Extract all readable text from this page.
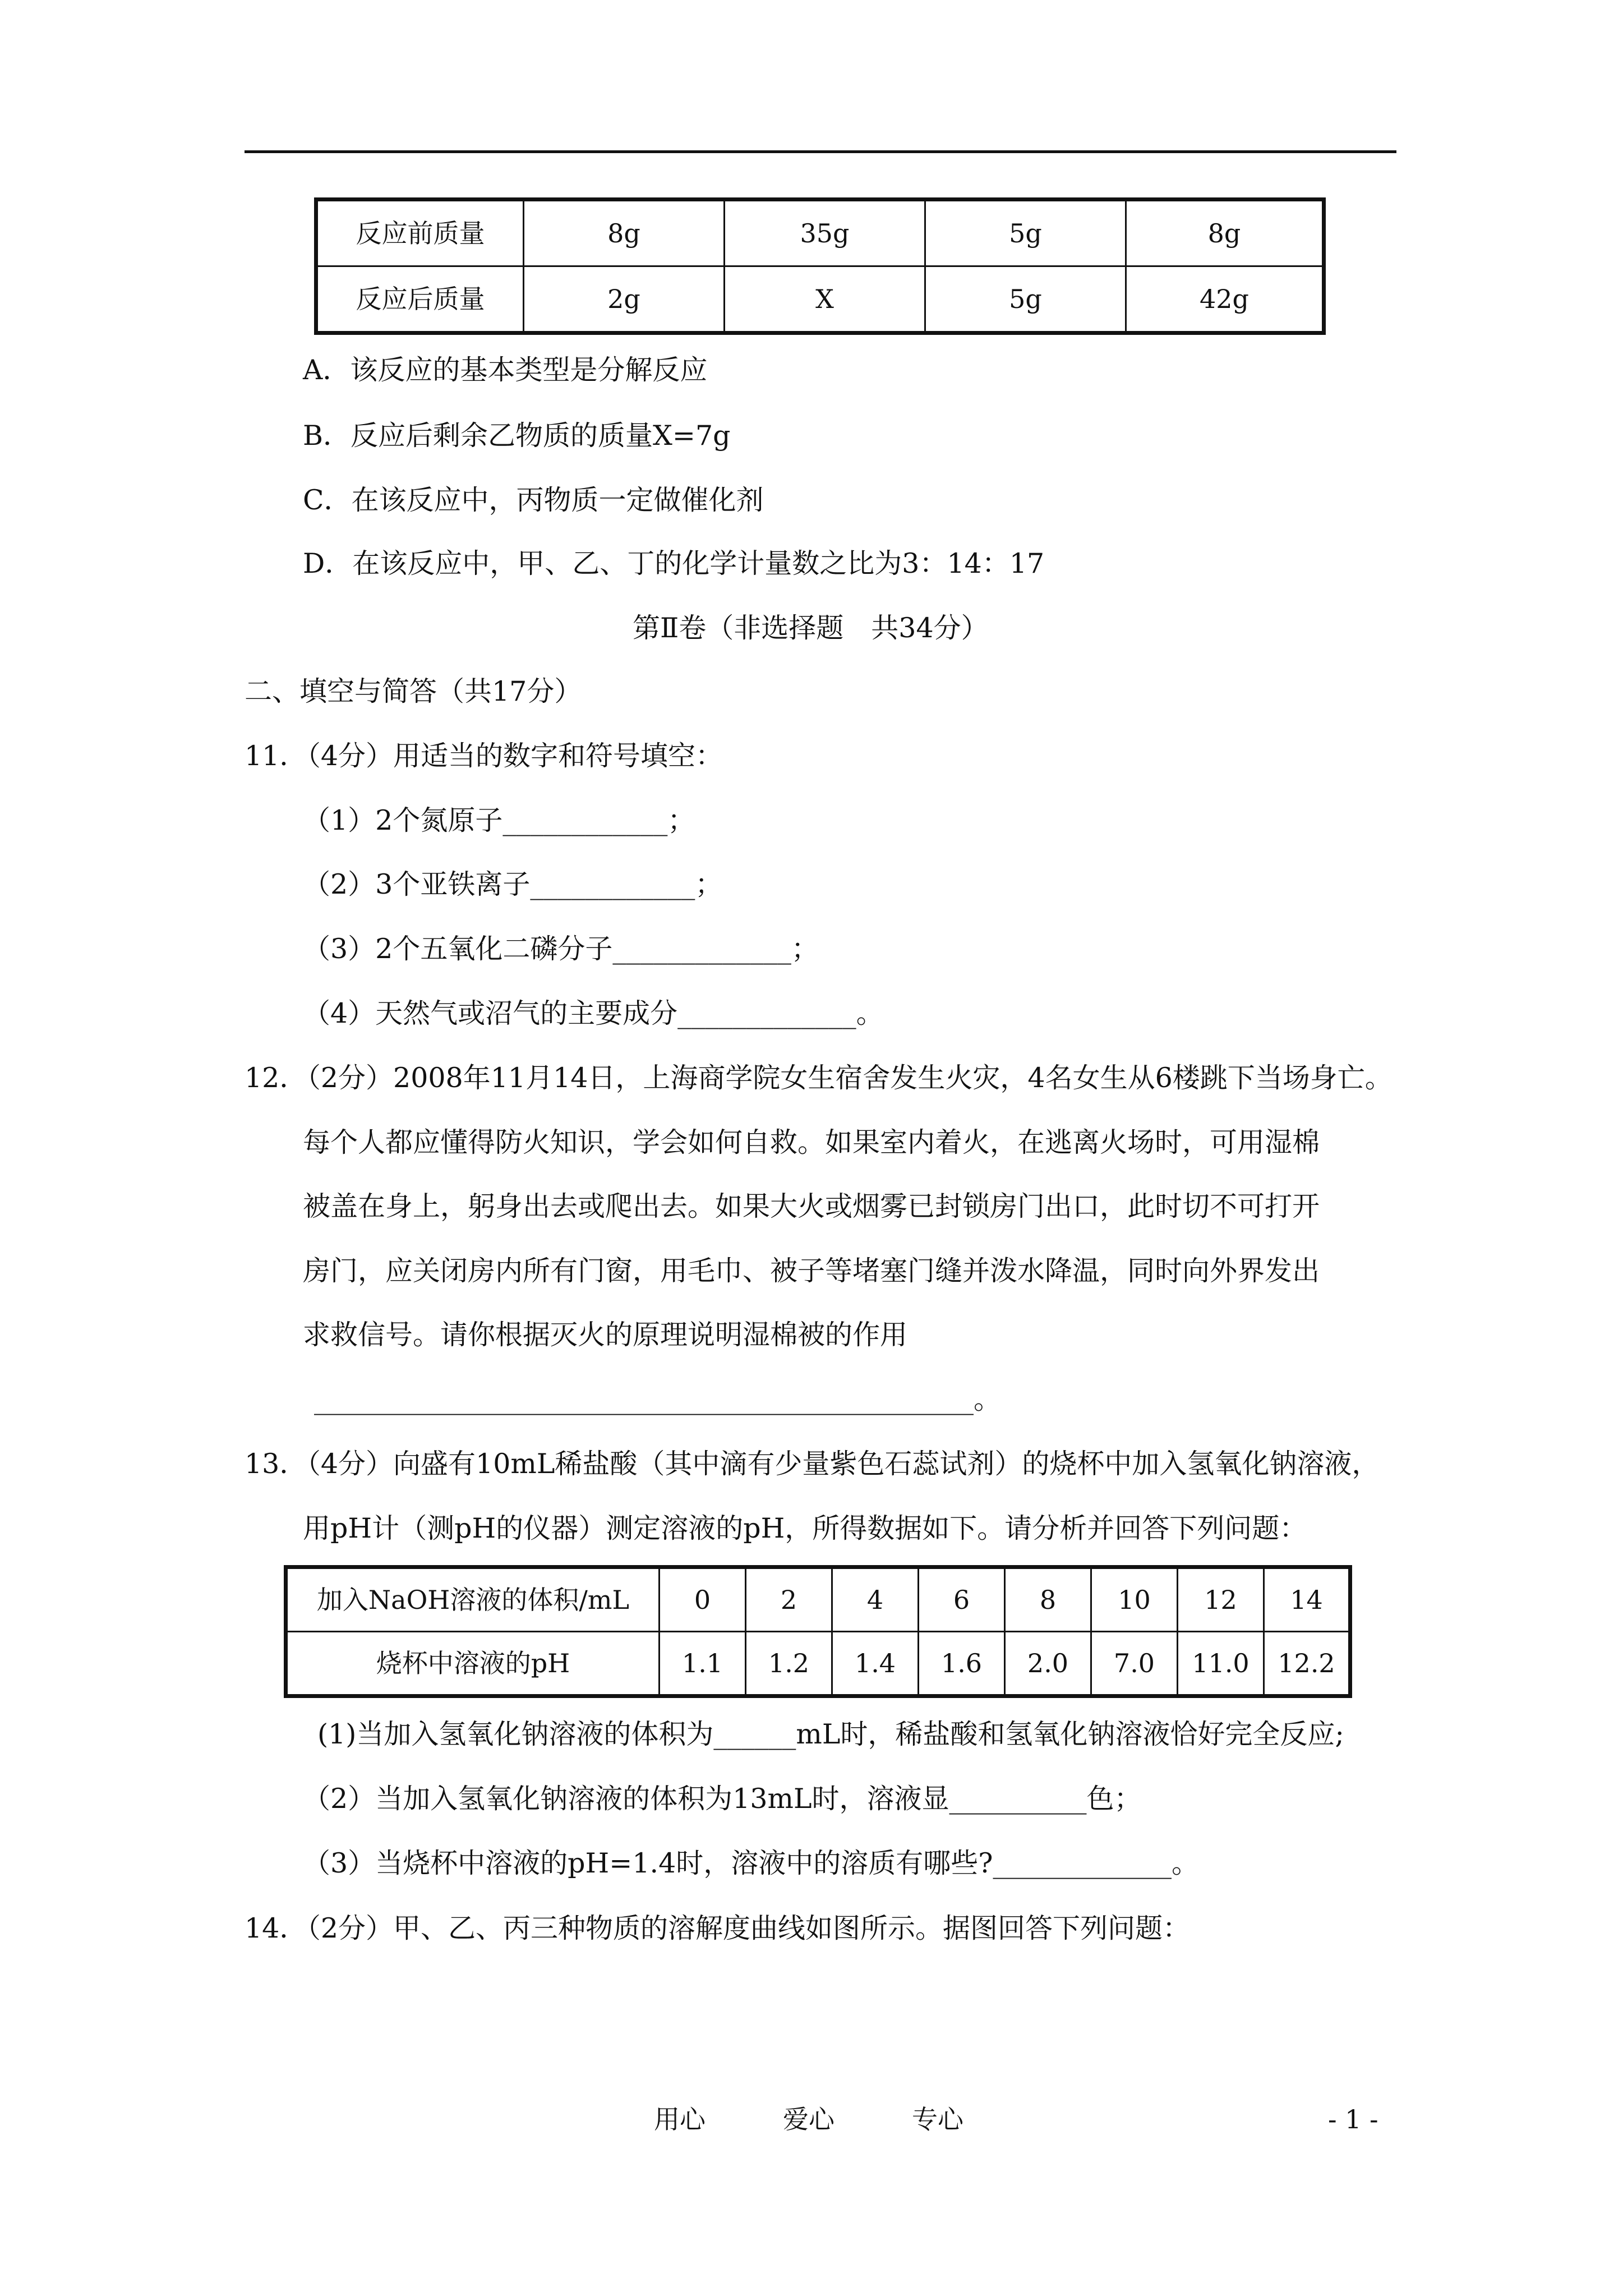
反应前质量	8g	35g	5g	8g
反应后质量	2g	X	5g	42g
A．该反应的基本类型是分解反应
B．反应后剩余乙物质的质量X=7g
C．在该反应中，丙物质一定做催化剂
D．在该反应中，甲、乙、丁的化学计量数之比为3：14：17
第Ⅱ卷（非选择题　共34分）
二、填空与简答（共17分）
11．（4分）用适当的数字和符号填空：
（1）2个氮原子____________；
（2）3个亚铁离子____________；
（3）2个五氧化二磷分子_____________；
（4）天然气或沼气的主要成分_____________。
12．（2分）2008年11月14日，上海商学院女生宿舍发生火灾，4名女生从6楼跳下当场身亡。
每个人都应懂得防火知识，学会如何自救。如果室内着火，在逃离火场时，可用湿棉
被盖在身上，躬身出去或爬出去。如果大火或烟雾已封锁房门出口，此时切不可打开
房门，应关闭房内所有门窗，用毛巾、被子等堵塞门缝并泼水降温，同时向外界发出
求救信号。请你根据灭火的原理说明湿棉被的作用
________________________________________________。
13．（4分）向盛有10mL稀盐酸（其中滴有少量紫色石蕊试剂）的烧杯中加入氢氧化钠溶液，
用pH计（测pH的仪器）测定溶液的pH，所得数据如下。请分析并回答下列问题：
加入NaOH溶液的体积/mL	0	2	4	6	8	10	12	14
烧杯中溶液的pH	1.1	1.2	1.4	1.6	2.0	7.0	11.0	12.2
(1)当加入氢氧化钠溶液的体积为______mL时，稀盐酸和氢氧化钠溶液恰好完全反应;
（2）当加入氢氧化钠溶液的体积为13mL时，溶液显__________色；
（3）当烧杯中溶液的pH=1.4时，溶液中的溶质有哪些?_____________。
14．（2分）甲、乙、丙三种物质的溶解度曲线如图所示。据图回答下列问题：
用心　　　爱心　　　专心	- 1 -
